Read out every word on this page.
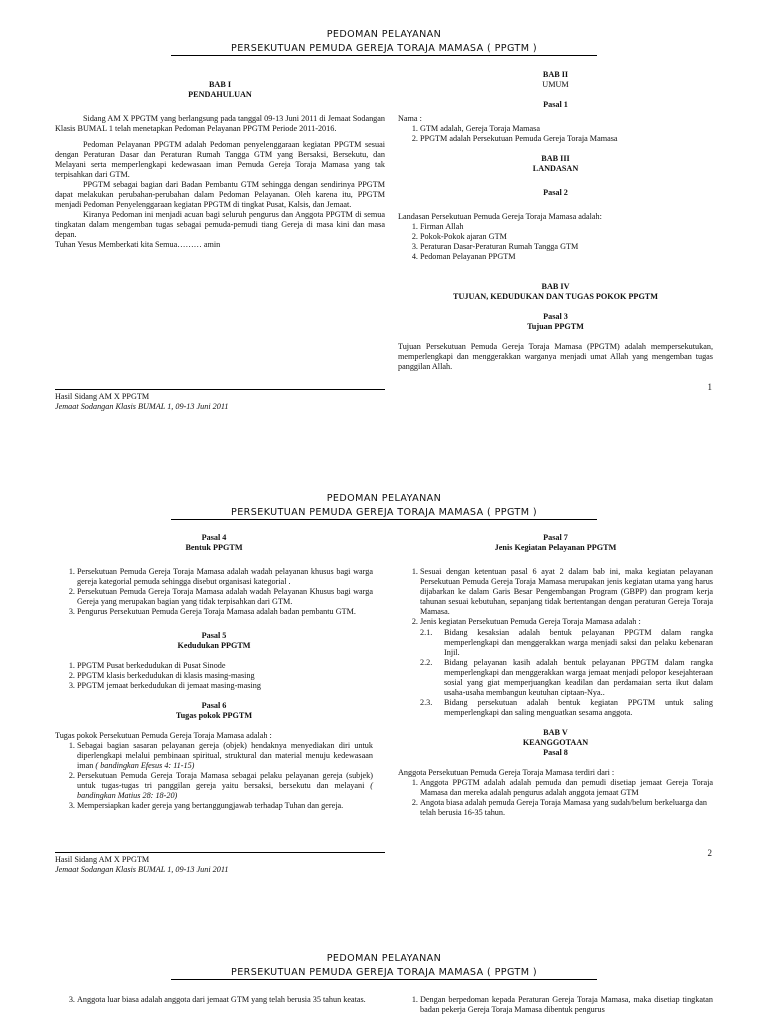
PEDOMAN PELAYANAN
PERSEKUTUAN PEMUDA GEREJA TORAJA MAMASA ( PPGTM )
BAB I
PENDAHULUAN
Sidang AM X PPGTM yang berlangsung pada tanggal 09-13 Juni 2011 di Jemaat Sodangan Klasis BUMAL 1 telah menetapkan Pedoman Pelayanan PPGTM Periode 2011-2016.
Pedoman Pelayanan PPGTM adalah Pedoman penyelenggaraan kegiatan PPGTM sesuai dengan Peraturan Dasar dan Peraturan Rumah Tangga GTM yang Bersaksi, Bersekutu, dan Melayani serta memperlengkapi kedewasaan iman Pemuda Gereja Toraja Mamasa yang tak terpisahkan dari GTM.
PPGTM sebagai bagian dari Badan Pembantu GTM sehingga dengan sendirinya PPGTM dapat melakukan perubahan-perubahan dalam Pedoman Pelayanan. Oleh karena itu, PPGTM menjadi Pedoman Penyelenggaraan kegiatan PPGTM di tingkat Pusat, Kalsis, dan Jemaat.
Kiranya Pedoman ini menjadi acuan bagi seluruh pengurus dan Anggota PPGTM di semua tingkatan dalam mengemban tugas sebagai pemuda-pemudi tiang Gereja di masa kini dan masa depan.
Tuhan Yesus Memberkati kita Semua……… amin
BAB II
UMUM
Pasal 1
Nama :
1. GTM adalah, Gereja Toraja Mamasa
2. PPGTM adalah Persekutuan Pemuda Gereja Toraja Mamasa
BAB III
LANDASAN
Pasal 2
Landasan Persekutuan Pemuda Gereja Toraja Mamasa adalah:
1. Firman Allah
2. Pokok-Pokok ajaran GTM
3. Peraturan Dasar-Peraturan Rumah Tangga GTM
4. Pedoman Pelayanan PPGTM
BAB IV
TUJUAN, KEDUDUKAN DAN TUGAS POKOK PPGTM
Pasal 3
Tujuan PPGTM
Tujuan Persekutuan Pemuda Gereja Toraja Mamasa (PPGTM) adalah mempersekutukan, memperlengkapi dan menggerakkan warganya menjadi umat Allah yang mengemban tugas panggilan Allah.
1
Hasil Sidang AM X PPGTM
Jemaat Sodangan Klasis BUMAL 1, 09-13 Juni 2011
PEDOMAN PELAYANAN
PERSEKUTUAN PEMUDA GEREJA TORAJA MAMASA ( PPGTM )
Pasal 4
Bentuk PPGTM
1. Persekutuan Pemuda Gereja Toraja Mamasa adalah wadah pelayanan khusus bagi warga gereja kategorial pemuda sehingga disebut organisasi kategorial .
2. Persekutuan Pemuda Gereja Toraja Mamasa adalah wadah Pelayanan Khusus bagi warga Gereja yang merupakan bagian yang tidak terpisahkan dari GTM.
3. Pengurus Persekutuan Pemuda Gereja Toraja Mamasa adalah badan pembantu GTM.
Pasal 5
Kedudukan PPGTM
1. PPGTM Pusat berkedudukan di Pusat Sinode
2. PPGTM klasis berkedudukan di klasis masing-masing
3. PPGTM jemaat berkedudukan di jemaat masing-masing
Pasal 6
Tugas pokok PPGTM
Tugas pokok Persekutuan Pemuda Gereja Toraja Mamasa adalah :
1. Sebagai bagian sasaran pelayanan gereja (objek) hendaknya menyediakan diri untuk diperlengkapi melalui pembinaan spiritual, struktural dan material menuju kedewasaan iman ( bandingkan Efesus 4: 11-15)
2. Persekutuan Pemuda Gereja Toraja Mamasa sebagai pelaku pelayanan gereja (subjek) untuk tugas-tugas tri panggilan gereja yaitu bersaksi, bersekutu dan melayani ( bandingkan Matius 28: 18-20)
3. Mempersiapkan kader gereja yang bertanggungjawab terhadap Tuhan dan gereja.
Pasal 7
Jenis Kegiatan Pelayanan PPGTM
1. Sesuai dengan ketentuan pasal 6 ayat 2 dalam bab ini, maka kegiatan pelayanan Persekutuan Pemuda Gereja Toraja Mamasa merupakan jenis kegiatan utama yang harus dijabarkan ke dalam Garis Besar Pengembangan Program (GBPP) dan program kerja tahunan sesuai kebutuhan, sepanjang tidak bertentangan dengan peraturan Gereja Toraja Mamasa.
2. Jenis kegiatan Persekutuan Pemuda Gereja Toraja Mamasa adalah :
2.1.	Bidang kesaksian adalah bentuk pelayanan PPGTM dalam rangka memperlengkapi dan menggerakkan warga menjadi saksi dan pelaku kebenaran Injil.
2.2.	Bidang pelayanan kasih adalah bentuk pelayanan PPGTM dalam rangka memperlengkapi dan menggerakkan warga jemaat menjadi pelopor kesejahteraan sosial yang giat memperjuangkan keadilan dan perdamaian serta ikut dalam usaha-usaha membangun keutuhan ciptaan-Nya..
2.3.	Bidang persekutuan adalah bentuk kegiatan PPGTM untuk saling memperlengkapi dan saling menguatkan sesama anggota.
BAB V
KEANGGOTAAN
Pasal 8
Anggota Persekutuan Pemuda Gereja Toraja Mamasa terdiri dari :
1. Anggota PPGTM adalah adalah pemuda dan pemudi disetiap jemaat Gereja Toraja Mamasa dan mereka adalah pengurus adalah anggota jemaat GTM
2. Angota biasa adalah pemuda Gereja Toraja Mamasa yang sudah/belum berkeluarga dan telah berusia 16-35 tahun.
2
Hasil Sidang AM X PPGTM
Jemaat Sodangan Klasis BUMAL 1, 09-13 Juni 2011
PEDOMAN PELAYANAN
PERSEKUTUAN PEMUDA GEREJA TORAJA MAMASA ( PPGTM )
3. Anggota luar biasa adalah anggota dari jemaat GTM yang telah berusia 35 tahun keatas.
1.	Dengan berpedoman kepada Peraturan Gereja Toraja Mamasa, maka disetiap tingkatan badan pekerja Gereja Toraja Mamasa dibentuk pengurus
